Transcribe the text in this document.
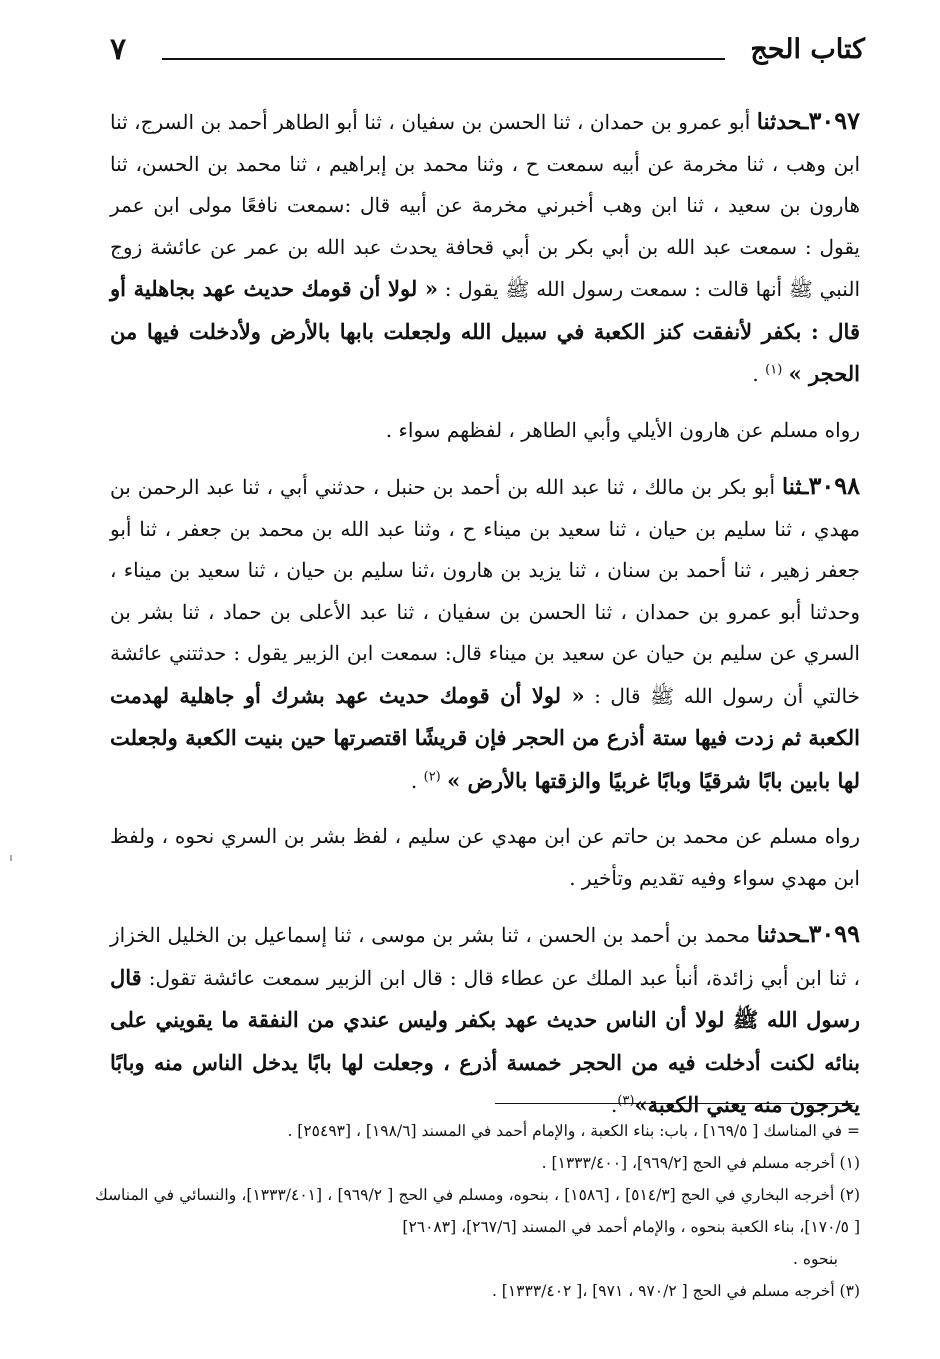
كتاب الحج
٧

٣٠٩٧ـحدثنا أبو عمرو بن حمدان ، ثنا الحسن بن سفيان ، ثنا أبو الطاهر أحمد بن السرج، ثنا ابن وهب ، ثنا مخرمة عن أبيه سمعت ح ، وثنا محمد بن إبراهيم ، ثنا محمد بن الحسن، ثنا هارون بن سعيد ، ثنا ابن وهب أخبرني مخرمة عن أبيه قال :سمعت نافعًا مولى ابن عمر يقول : سمعت عبد الله بن أبي بكر بن أبي قحافة يحدث عبد الله بن عمر عن عائشة زوج النبي ﷺ أنها قالت : سمعت رسول الله ﷺ يقول : « لولا أن قومك حديث عهد بجاهلية أو قال : بكفر لأنفقت كنز الكعبة في سبيل الله ولجعلت بابها بالأرض ولأدخلت فيها من الحجر » $^{(١)}$ .

رواه مسلم عن هارون الأيلي وأبي الطاهر ، لفظهم سواء .

٣٠٩٨ـثنا أبو بكر بن مالك ، ثنا عبد الله بن أحمد بن حنبل ، حدثني أبي ، ثنا عبد الرحمن بن مهدي ، ثنا سليم بن حيان ، ثنا سعيد بن ميناء ح ، وثنا عبد الله بن محمد بن جعفر ، ثنا أبو جعفر زهير ، ثنا أحمد بن سنان ، ثنا يزيد بن هارون ،ثنا سليم بن حيان ، ثنا سعيد بن ميناء ، وحدثنا أبو عمرو بن حمدان ، ثنا الحسن بن سفيان ، ثنا عبد الأعلى بن حماد ، ثنا بشر بن السري عن سليم بن حيان عن سعيد بن ميناء قال: سمعت ابن الزبير يقول : حدثتني عائشة خالتي أن رسول الله ﷺ قال : « لولا أن قومك حديث عهد بشرك أو جاهلية لهدمت الكعبة ثم زدت فيها ستة أذرع من الحجر فإن قريشًا اقتصرتها حين بنيت الكعبة ولجعلت لها بابين بابًا شرقيًا وبابًا غربيًا والزقتها بالأرض » $^{(٢)}$ .

رواه مسلم عن محمد بن حاتم عن ابن مهدي عن سليم ، لفظ بشر بن السري نحوه ، ولفظ ابن مهدي سواء وفيه تقديم وتأخير .

٣٠٩٩ـحدثنا محمد بن أحمد بن الحسن ، ثنا بشر بن موسى ، ثنا إسماعيل بن الخليل الخزاز ، ثنا ابن أبي زائدة، أنبأ عبد الملك عن عطاء قال : قال ابن الزبير سمعت عائشة تقول: قال رسول الله ﷺ لولا أن الناس حديث عهد بكفر وليس عندي من النفقة ما يقويني على بنائه لكنت أدخلت فيه من الحجر خمسة أذرع ، وجعلت لها بابًا يدخل الناس منه وبابًا يخرجون منه يعني الكعبة»$^{(٣)}$.

= في المناسك [ ١٦٩/٥] ، باب: بناء الكعبة ، والإمام أحمد في المسند [١٩٨/٦] ، [٢٥٤٩٣] .
(١) أخرجه مسلم في الحج [٩٦٩/٢]، [١٣٣٣/٤٠٠] .
(٢) أخرجه البخاري في الحج [٥١٤/٣] ، [١٥٨٦] ، بنحوه، ومسلم في الحج [ ٩٦٩/٢] ، [١٣٣٣/٤٠١]، والنسائي في المناسك [ ١٧٠/٥]، بناء الكعبة بنحوه ، والإمام أحمد في المسند [٢٦٧/٦]، [٢٦٠٨٣]
بنحوه .
(٣) أخرجه مسلم في الحج [ ٩٧٠/٢ ، ٩٧١] ،[ ١٣٣٣/٤٠٢] .
